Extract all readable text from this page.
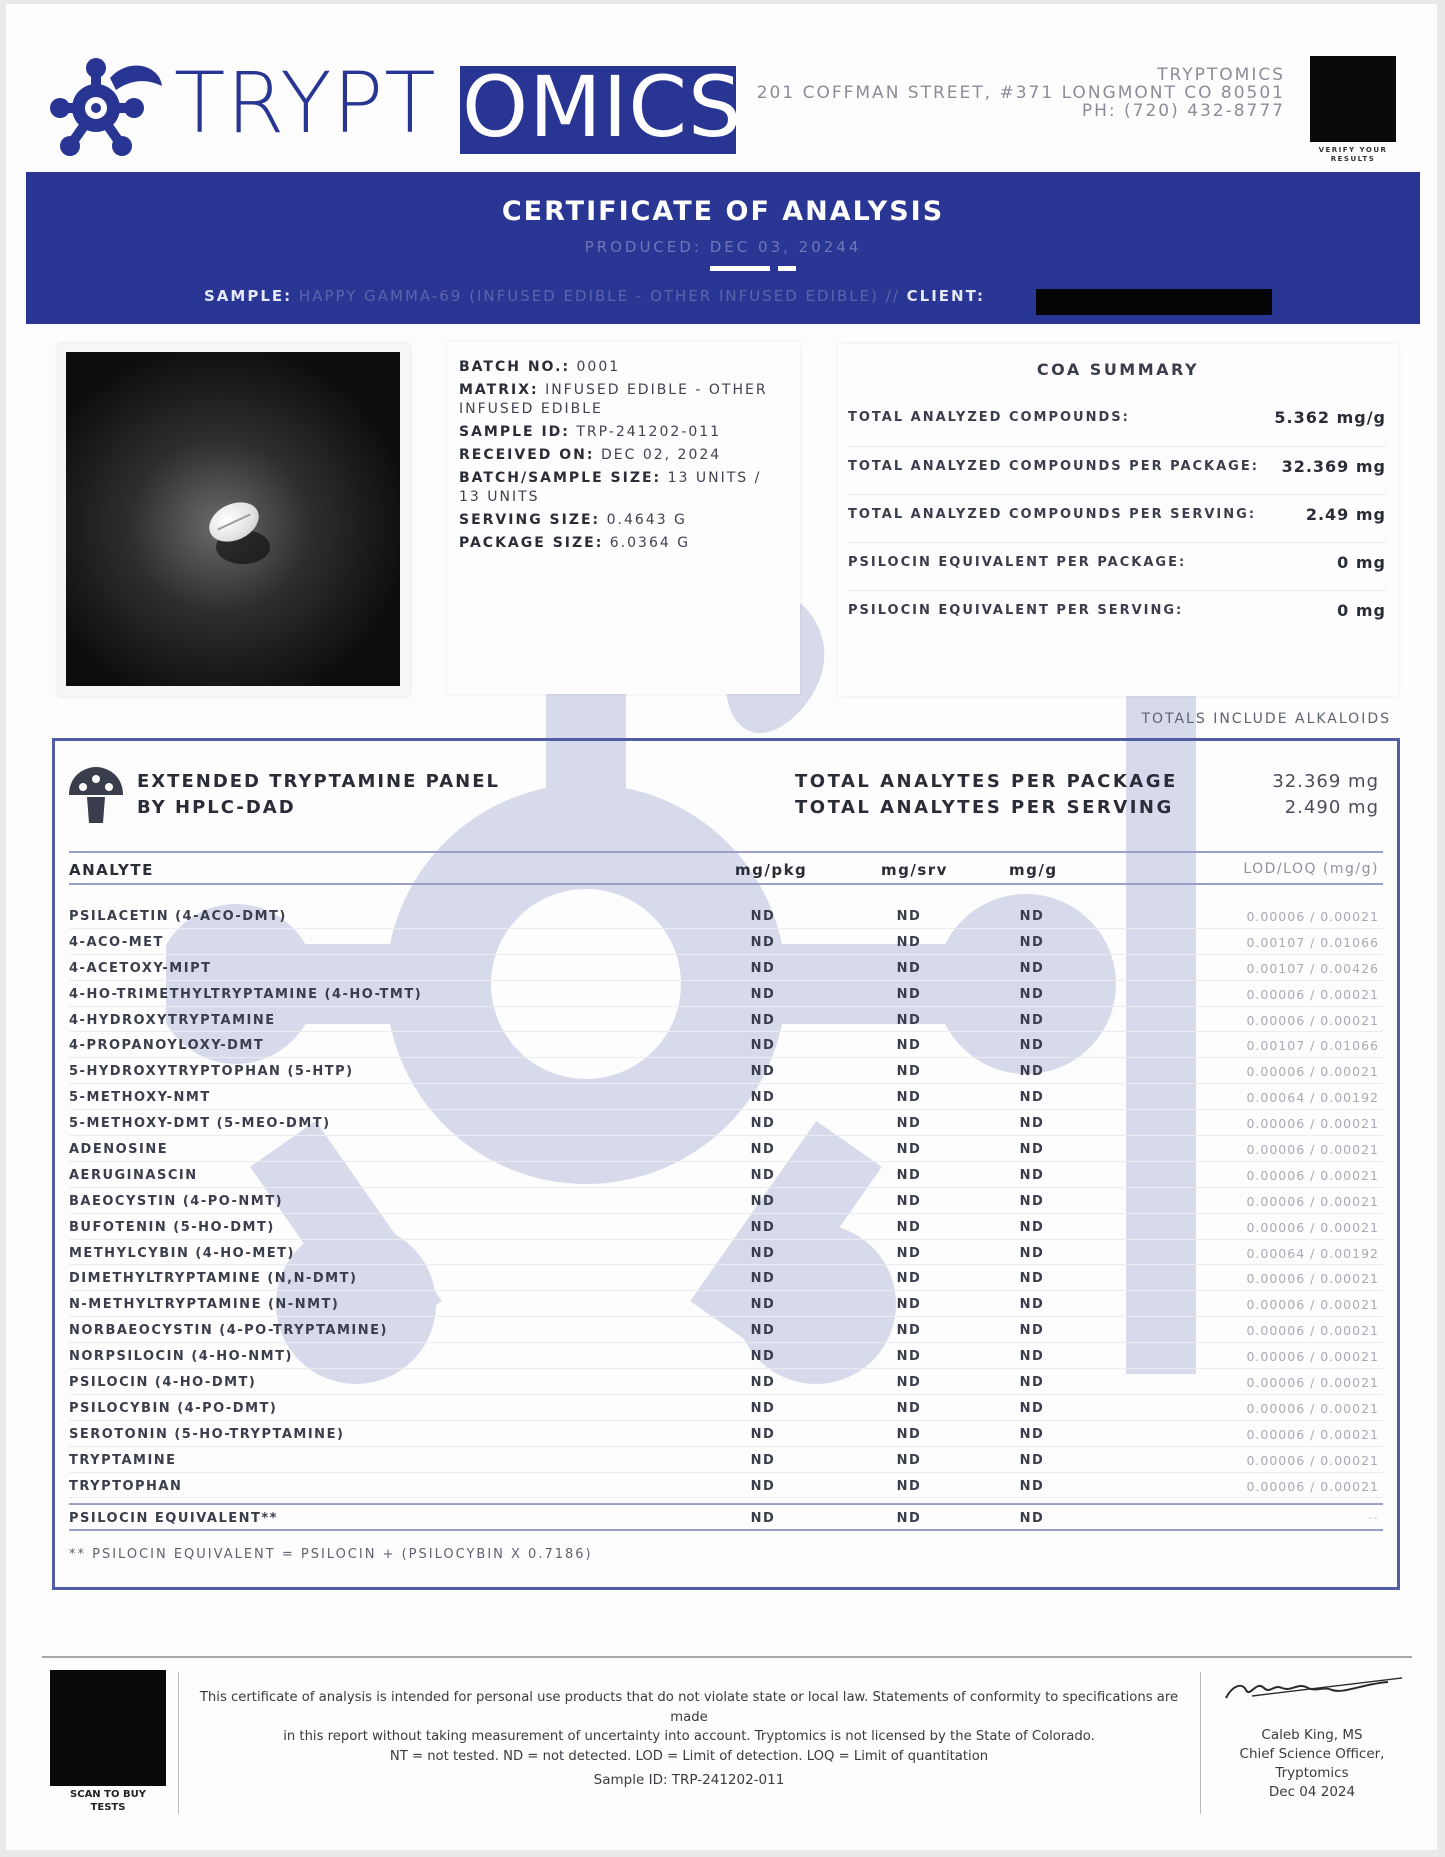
TRYPT OMICS	TRYPTOMICS
201 COFFMAN STREET, #371 LONGMONT CO 80501
PH: (720) 432-8777
VERIFY YOUR RESULTS
CERTIFICATE OF ANALYSIS
PRODUCED: DEC 03, 20244
SAMPLE: HAPPY GAMMA-69 (INFUSED EDIBLE - OTHER INFUSED EDIBLE) // CLIENT:
BATCH NO.: 0001
MATRIX: INFUSED EDIBLE - OTHER INFUSED EDIBLE
SAMPLE ID: TRP-241202-011
RECEIVED ON: DEC 02, 2024
BATCH/SAMPLE SIZE: 13 UNITS / 13 UNITS
SERVING SIZE: 0.4643 G
PACKAGE SIZE: 6.0364 G
COA SUMMARY
TOTAL ANALYZED COMPOUNDS:	5.362 mg/g
TOTAL ANALYZED COMPOUNDS PER PACKAGE: 32.369 mg
TOTAL ANALYZED COMPOUNDS PER SERVING:	2.49 mg
PSILOCIN EQUIVALENT PER PACKAGE:	0 mg
PSILOCIN EQUIVALENT PER SERVING:	0 mg
TOTALS INCLUDE ALKALOIDS
EXTENDED TRYPTAMINE PANEL
BY HPLC-DAD
TOTAL ANALYTES PER PACKAGE
TOTAL ANALYTES PER SERVING
32.369 mg
2.490 mg
ANALYTE	mg/pkg	mg/srv	mg/g	LOD/LOQ (mg/g)
PSILACETIN (4-ACO-DMT)	ND	ND	ND	0.00006 / 0.00021
4-ACO-MET	ND	ND	ND	0.00107 / 0.01066
4-ACETOXY-MIPT	ND	ND	ND	0.00107 / 0.00426
4-HO-TRIMETHYLTRYPTAMINE (4-HO-TMT)	ND	ND	ND	0.00006 / 0.00021
4-HYDROXYTRYPTAMINE	ND	ND	ND	0.00006 / 0.00021
4-PROPANOYLOXY-DMT	ND	ND	ND	0.00107 / 0.01066
5-HYDROXYTRYPTOPHAN (5-HTP)	ND	ND	ND	0.00006 / 0.00021
5-METHOXY-NMT	ND	ND	ND	0.00064 / 0.00192
5-METHOXY-DMT (5-MEO-DMT)	ND	ND	ND	0.00006 / 0.00021
ADENOSINE	ND	ND	ND	0.00006 / 0.00021
AERUGINASCIN	ND	ND	ND	0.00006 / 0.00021
BAEOCYSTIN (4-PO-NMT)	ND	ND	ND	0.00006 / 0.00021
BUFOTENIN (5-HO-DMT)	ND	ND	ND	0.00006 / 0.00021
METHYLCYBIN (4-HO-MET)	ND	ND	ND	0.00064 / 0.00192
DIMETHYLTRYPTAMINE (N,N-DMT)	ND	ND	ND	0.00006 / 0.00021
N-METHYLTRYPTAMINE (N-NMT)	ND	ND	ND	0.00006 / 0.00021
NORBAEOCYSTIN (4-PO-TRYPTAMINE)	ND	ND	ND	0.00006 / 0.00021
NORPSILOCIN (4-HO-NMT)	ND	ND	ND	0.00006 / 0.00021
PSILOCIN (4-HO-DMT)	ND	ND	ND	0.00006 / 0.00021
PSILOCYBIN (4-PO-DMT)	ND	ND	ND	0.00006 / 0.00021
SEROTONIN (5-HO-TRYPTAMINE)	ND	ND	ND	0.00006 / 0.00021
TRYPTAMINE	ND	ND	ND	0.00006 / 0.00021
TRYPTOPHAN	ND	ND	ND	0.00006 / 0.00021
PSILOCIN EQUIVALENT**	ND	ND	ND	--
** PSILOCIN EQUIVALENT = PSILOCIN + (PSILOCYBIN X 0.7186)
SCAN TO BUY TESTS
This certificate of analysis is intended for personal use products that do not violate state or local law. Statements of conformity to specifications are made
in this report without taking measurement of uncertainty into account. Tryptomics is not licensed by the State of Colorado.
NT = not tested. ND = not detected. LOD = Limit of detection. LOQ = Limit of quantitation
Sample ID: TRP-241202-011
Caleb King, MS
Chief Science Officer,
Tryptomics
Dec 04 2024
